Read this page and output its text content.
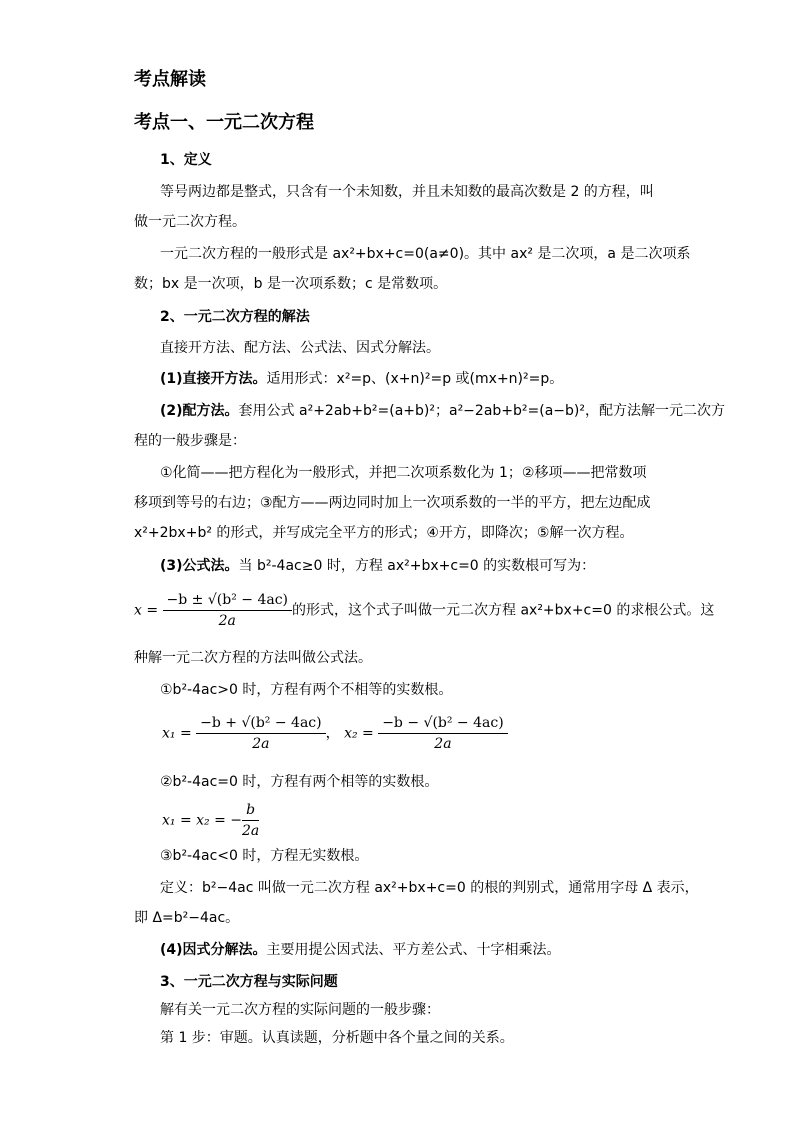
考点解读
考点一、一元二次方程
1、定义
等号两边都是整式，只含有一个未知数，并且未知数的最高次数是 2 的方程，叫
做一元二次方程。
一元二次方程的一般形式是 ax²+bx+c=0(a≠0)。其中 ax² 是二次项，a 是二次项系
数；bx 是一次项，b 是一次项系数；c 是常数项。
2、一元二次方程的解法
直接开方法、配方法、公式法、因式分解法。
(1)直接开方法。适用形式：x²=p、(x+n)²=p 或(mx+n)²=p。
(2)配方法。套用公式 a²+2ab+b²=(a+b)²；a²−2ab+b²=(a−b)²，配方法解一元二次方
程的一般步骤是：
①化简——把方程化为一般形式，并把二次项系数化为 1；②移项——把常数项
移项到等号的右边；③配方——两边同时加上一次项系数的一半的平方，把左边配成
x²+2bx+b² 的形式，并写成完全平方的形式；④开方，即降次；⑤解一次方程。
(3)公式法。当 b²-4ac≥0 时，方程 ax²+bx+c=0 的实数根可写为：
$x = \frac{\text{−b ± √(b² − 4ac)}}{2a}$ 的形式，这个式子叫做一元二次方程 ax²+bx+c=0 的求根公式。这
种解一元二次方程的方法叫做公式法。
①b²-4ac>0 时，方程有两个不相等的实数根。
$x_1 = \frac{\text{−b + √(b² − 4ac)}}{2a}$ ， $x_2 = \frac{\text{−b − √(b² − 4ac)}}{2a}$
②b²-4ac=0 时，方程有两个相等的实数根。
x₁ = x₂ = − $\frac{b}{2a}$
③b²-4ac<0 时，方程无实数根。
定义：b²−4ac 叫做一元二次方程 ax²+bx+c=0 的根的判别式，通常用字母 Δ 表示，
即 Δ=b²−4ac。
(4)因式分解法。主要用提公因式法、平方差公式、十字相乘法。
3、一元二次方程与实际问题
解有关一元二次方程的实际问题的一般步骤：
第 1 步：审题。认真读题，分析题中各个量之间的关系。
